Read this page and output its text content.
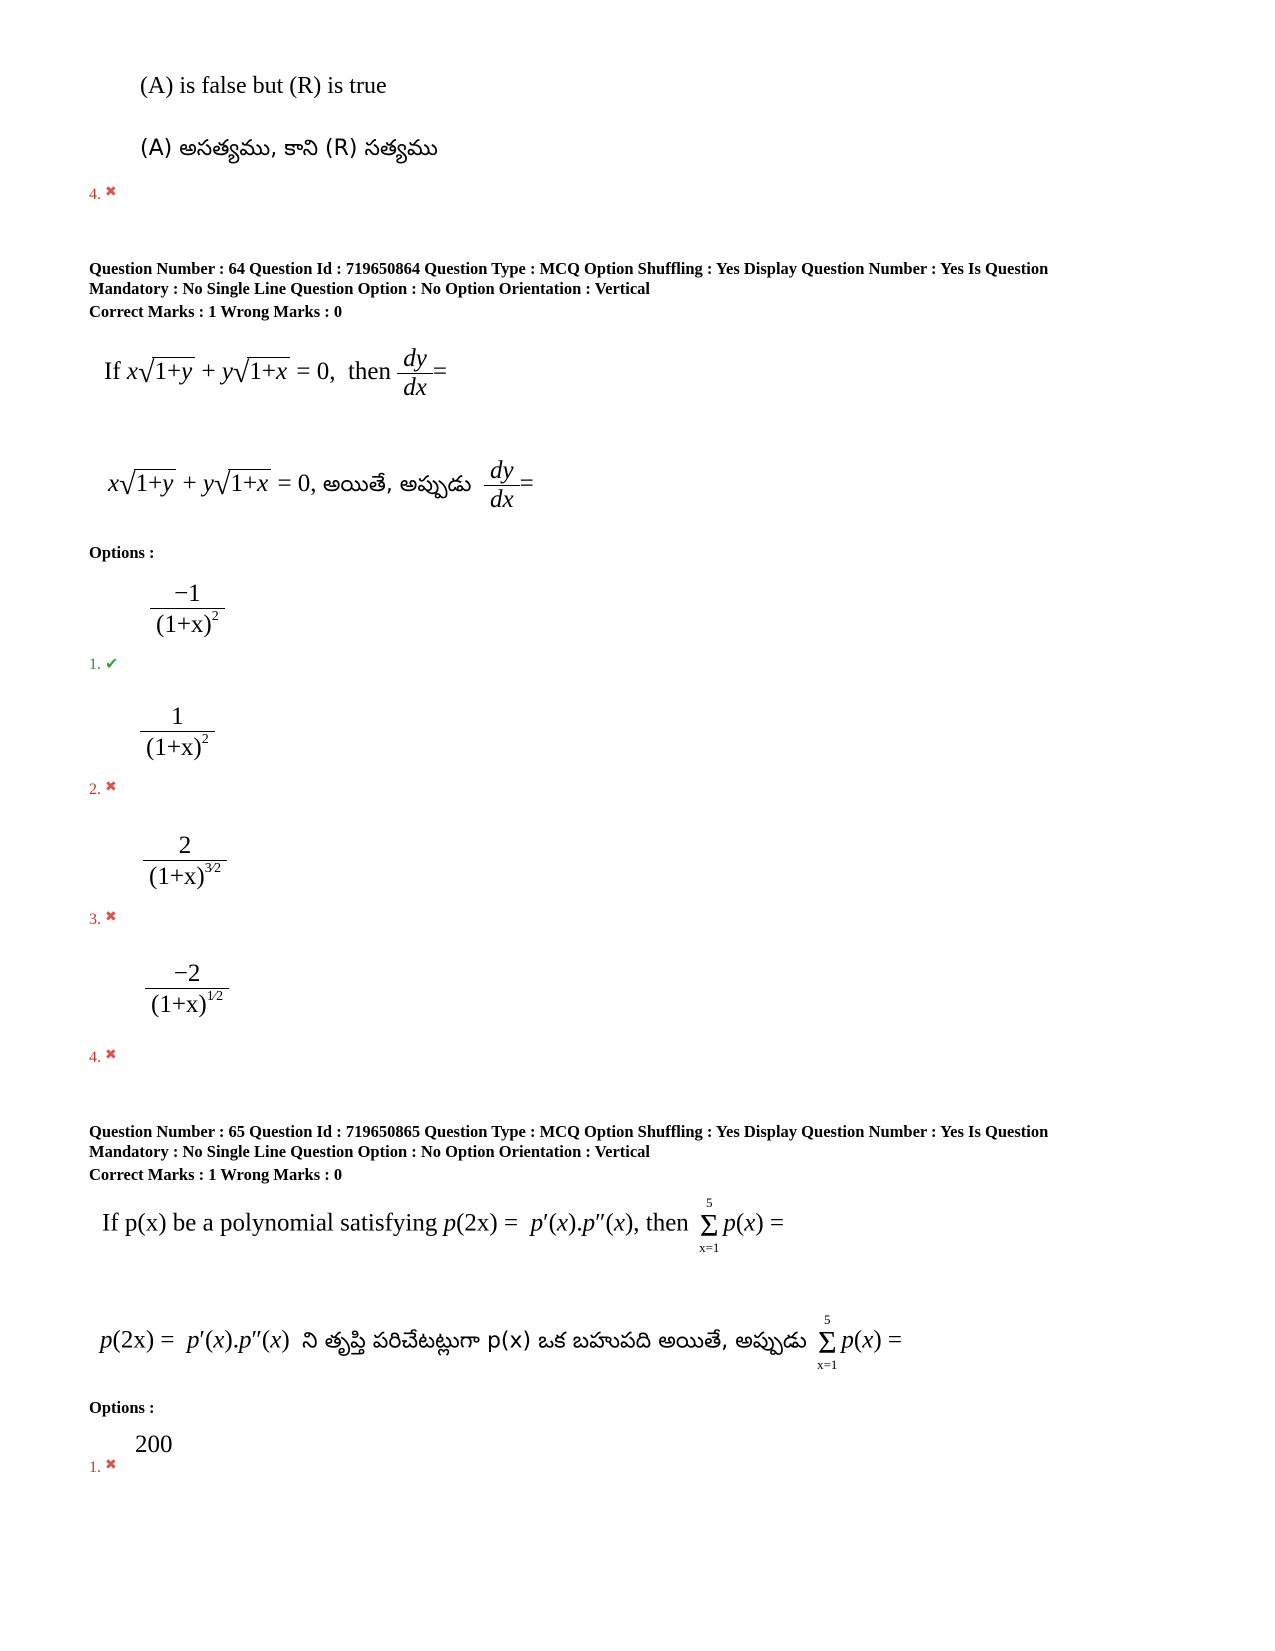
(A) is false but (R) is true
(A) అసత్యము, కాని (R) సత్యము
4. ✖
Question Number : 64 Question Id : 719650864 Question Type : MCQ Option Shuffling : Yes Display Question Number : Yes Is Question
Mandatory : No Single Line Question Option : No Option Orientation : Vertical
Correct Marks : 1 Wrong Marks : 0
If x√1+y + y√1+x = 0,  then $\frac{dy}{dx}$ =
x√1+y + y√1+x = 0, అయితే, అప్పుడు $\frac{dy}{dx}$ =
Options :
$\frac{-1}{(1+x)^2}$
1. ✔
$\frac{1}{(1+x)^2}$
2. ✖
$\frac{2}{(1+x)^{3⁄2}}$
3. ✖
$\frac{-2}{(1+x)^{1⁄2}}$
4. ✖
Question Number : 65 Question Id : 719650865 Question Type : MCQ Option Shuffling : Yes Display Question Number : Yes Is Question
Mandatory : No Single Line Question Option : No Option Orientation : Vertical
Correct Marks : 1 Wrong Marks : 0
If p(x) be a polynomial satisfying p(2x) =  p′(x).p″(x), then
5
Σ
x=1
p(x) =
p(2x) =  p′(x).p″(x)  ని తృప్తి పరిచేటట్లుగా p(x) ఒక బహుపది అయితే, అప్పుడు
5
Σ
x=1
p(x) =
Options :
200
1. ✖
